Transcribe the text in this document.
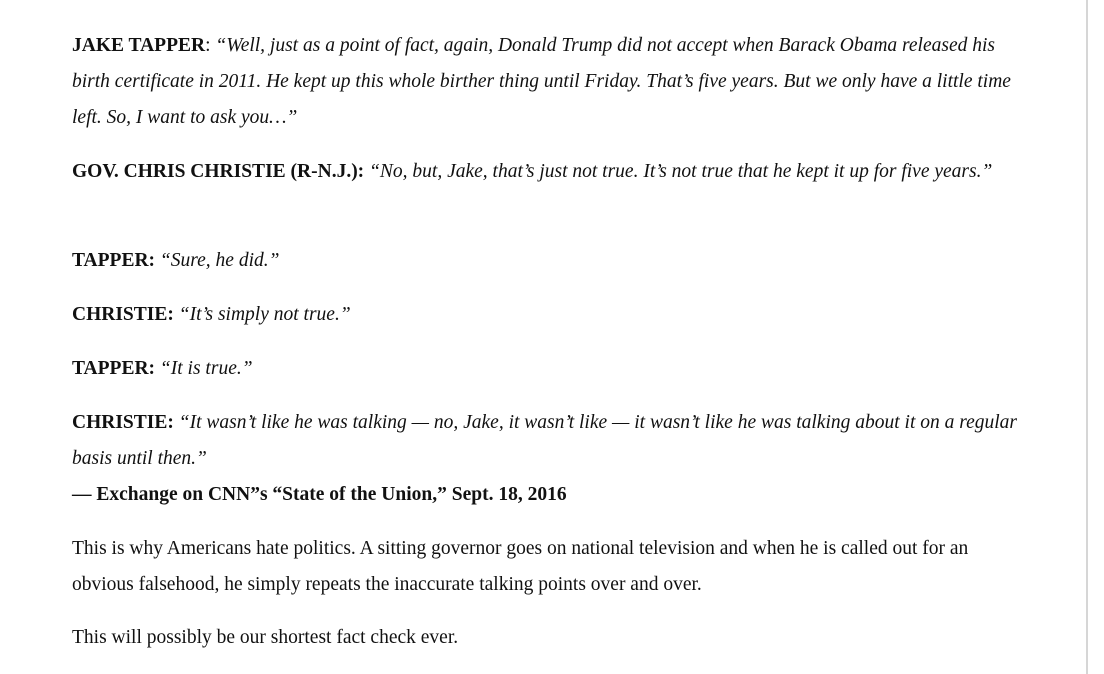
JAKE TAPPER: “Well, just as a point of fact, again, Donald Trump did not accept when Barack Obama released his birth certificate in 2011. He kept up this whole birther thing until Friday. That’s five years. But we only have a little time left. So, I want to ask you…”

GOV. CHRIS CHRISTIE (R-N.J.): “No, but, Jake, that’s just not true. It’s not true that he kept it up for five years.”

TAPPER: “Sure, he did.”

CHRISTIE: “It’s simply not true.”

TAPPER: “It is true.”

CHRISTIE: “It wasn’t like he was talking — no, Jake, it wasn’t like — it wasn’t like he was talking about it on a regular basis until then.”

— Exchange on CNN”s “State of the Union,” Sept. 18, 2016

This is why Americans hate politics. A sitting governor goes on national television and when he is called out for an obvious falsehood, he simply repeats the inaccurate talking points over and over.

This will possibly be our shortest fact check ever.
